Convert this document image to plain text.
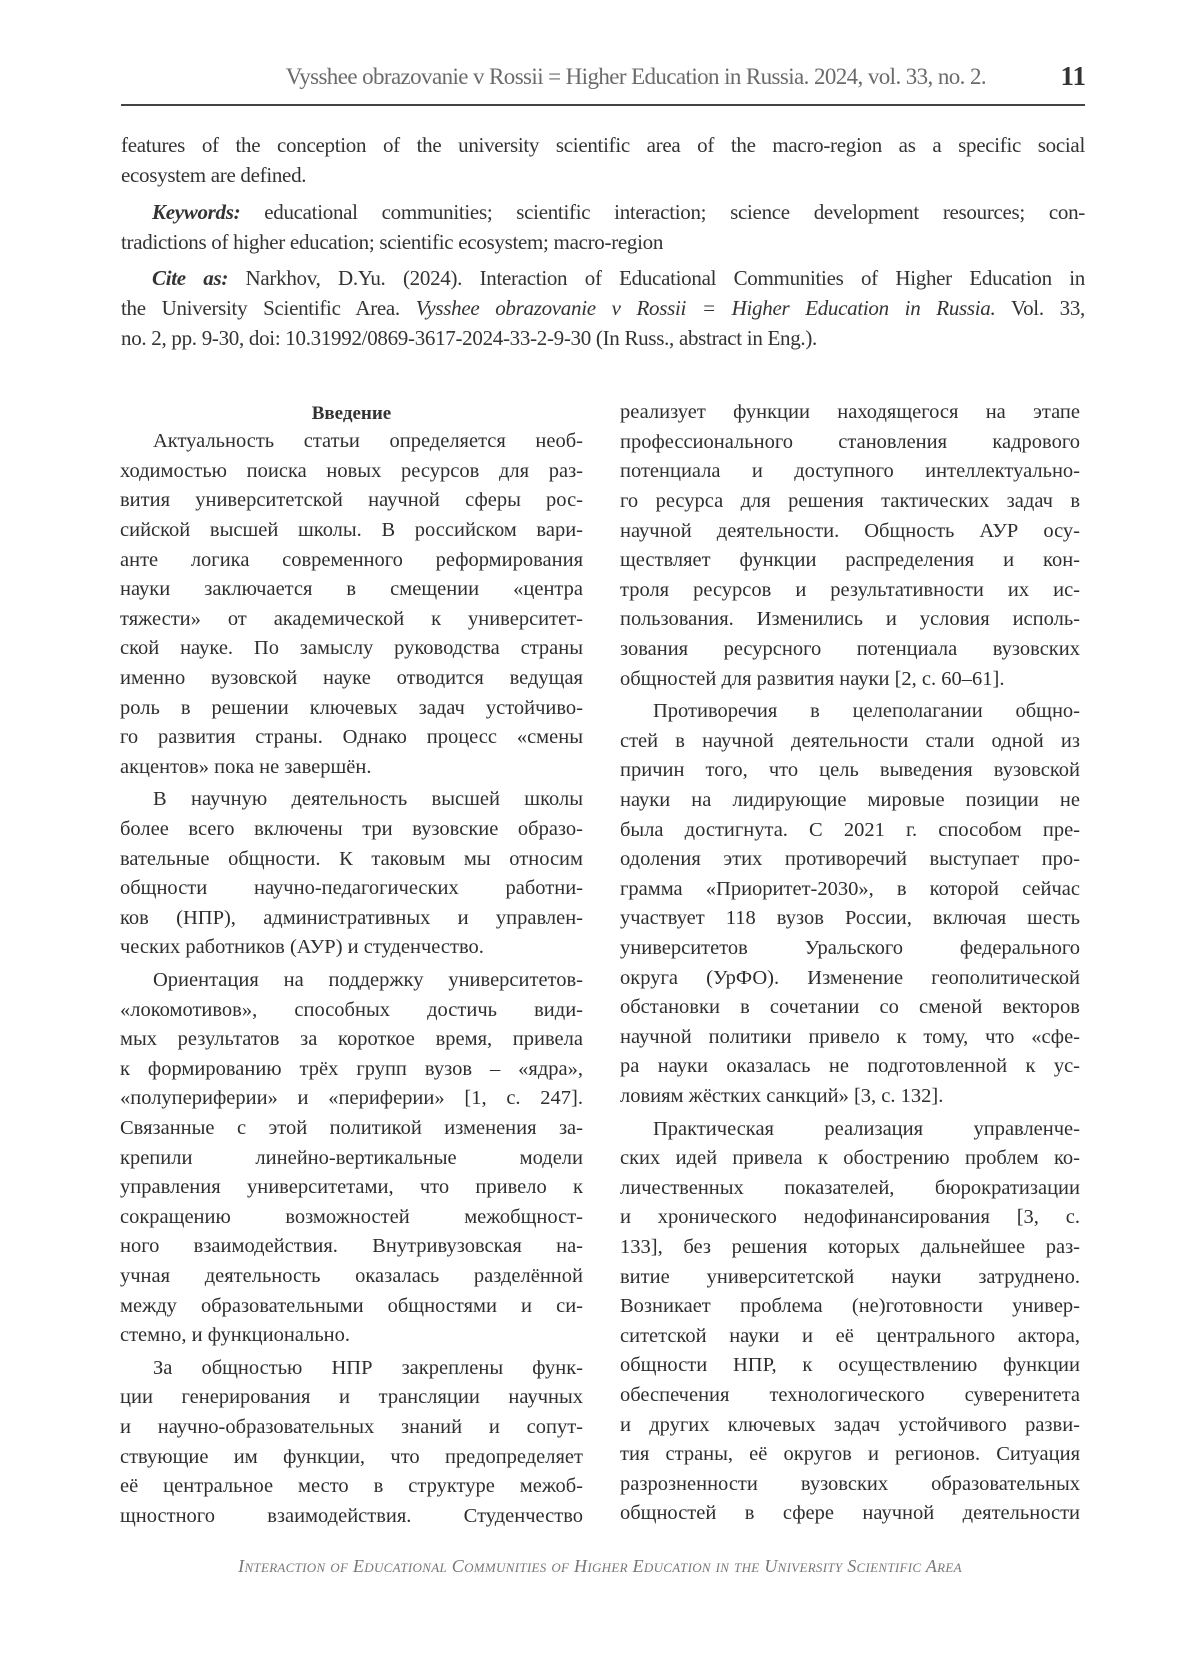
Vysshee obrazovanie v Rossii = Higher Education in Russia. 2024, vol. 33, no. 2.	11
features of the conception of the university scientific area of the macro-region as a specific social
ecosystem are defined.
Keywords: educational communities; scientific interaction; science development resources; con-
tradictions of higher education; scientific ecosystem; macro-region
Cite as: Narkhov, D.Yu. (2024). Interaction of Educational Communities of Higher Education in
the University Scientific Area. Vysshee obrazovanie v Rossii = Higher Education in Russia. Vol. 33,
no. 2, pp. 9-30, doi: 10.31992/0869-3617-2024-33-2-9-30 (In Russ., abstract in Eng.).
Введение
Актуальность статьи определяется необ-
ходимостью поиска новых ресурсов для раз-
вития университетской научной сферы рос-
сийской высшей школы. В российском вари-
анте логика современного реформирования
науки заключается в смещении «центра
тяжести» от академической к университет-
ской науке. По замыслу руководства страны
именно вузовской науке отводится ведущая
роль в решении ключевых задач устойчиво-
го развития страны. Однако процесс «смены
акцентов» пока не завершён.
В научную деятельность высшей школы
более всего включены три вузовские образо-
вательные общности. К таковым мы относим
общности научно-педагогических работни-
ков (НПР), административных и управлен-
ческих работников (АУР) и студенчество.
Ориентация на поддержку университетов-
«локомотивов», способных достичь види-
мых результатов за короткое время, привела
к формированию трёх групп вузов – «ядра»,
«полупериферии» и «периферии» [1, с. 247].
Связанные с этой политикой изменения за-
крепили линейно-вертикальные модели
управления университетами, что привело к
сокращению возможностей межобщност-
ного взаимодействия. Внутривузовская на-
учная деятельность оказалась разделённой
между образовательными общностями и си-
стемно, и функционально.
За общностью НПР закреплены функ-
ции генерирования и трансляции научных
и научно-образовательных знаний и сопут-
ствующие им функции, что предопределяет
её центральное место в структуре межоб-
щностного взаимодействия. Студенчество
реализует функции находящегося на этапе
профессионального становления кадрового
потенциала и доступного интеллектуально-
го ресурса для решения тактических задач в
научной деятельности. Общность АУР осу-
ществляет функции распределения и кон-
троля ресурсов и результативности их ис-
пользования. Изменились и условия исполь-
зования ресурсного потенциала вузовских
общностей для развития науки [2, с. 60–61].
Противоречия в целеполагании общно-
стей в научной деятельности стали одной из
причин того, что цель выведения вузовской
науки на лидирующие мировые позиции не
была достигнута. С 2021 г. способом пре-
одоления этих противоречий выступает про-
грамма «Приоритет-2030», в которой сейчас
участвует 118 вузов России, включая шесть
университетов Уральского федерального
округа (УрФО). Изменение геополитической
обстановки в сочетании со сменой векторов
научной политики привело к тому, что «сфе-
ра науки оказалась не подготовленной к ус-
ловиям жёстких санкций» [3, с. 132].
Практическая реализация управленче-
ских идей привела к обострению проблем ко-
личественных показателей, бюрократизации
и хронического недофинансирования [3, с.
133], без решения которых дальнейшее раз-
витие университетской науки затруднено.
Возникает проблема (не)готовности универ-
ситетской науки и её центрального актора,
общности НПР, к осуществлению функции
обеспечения технологического суверенитета
и других ключевых задач устойчивого разви-
тия страны, её округов и регионов. Ситуация
разрозненности вузовских образовательных
общностей в сфере научной деятельности
Interaction of Educational Communities of Higher Education in the University Scientific Area
